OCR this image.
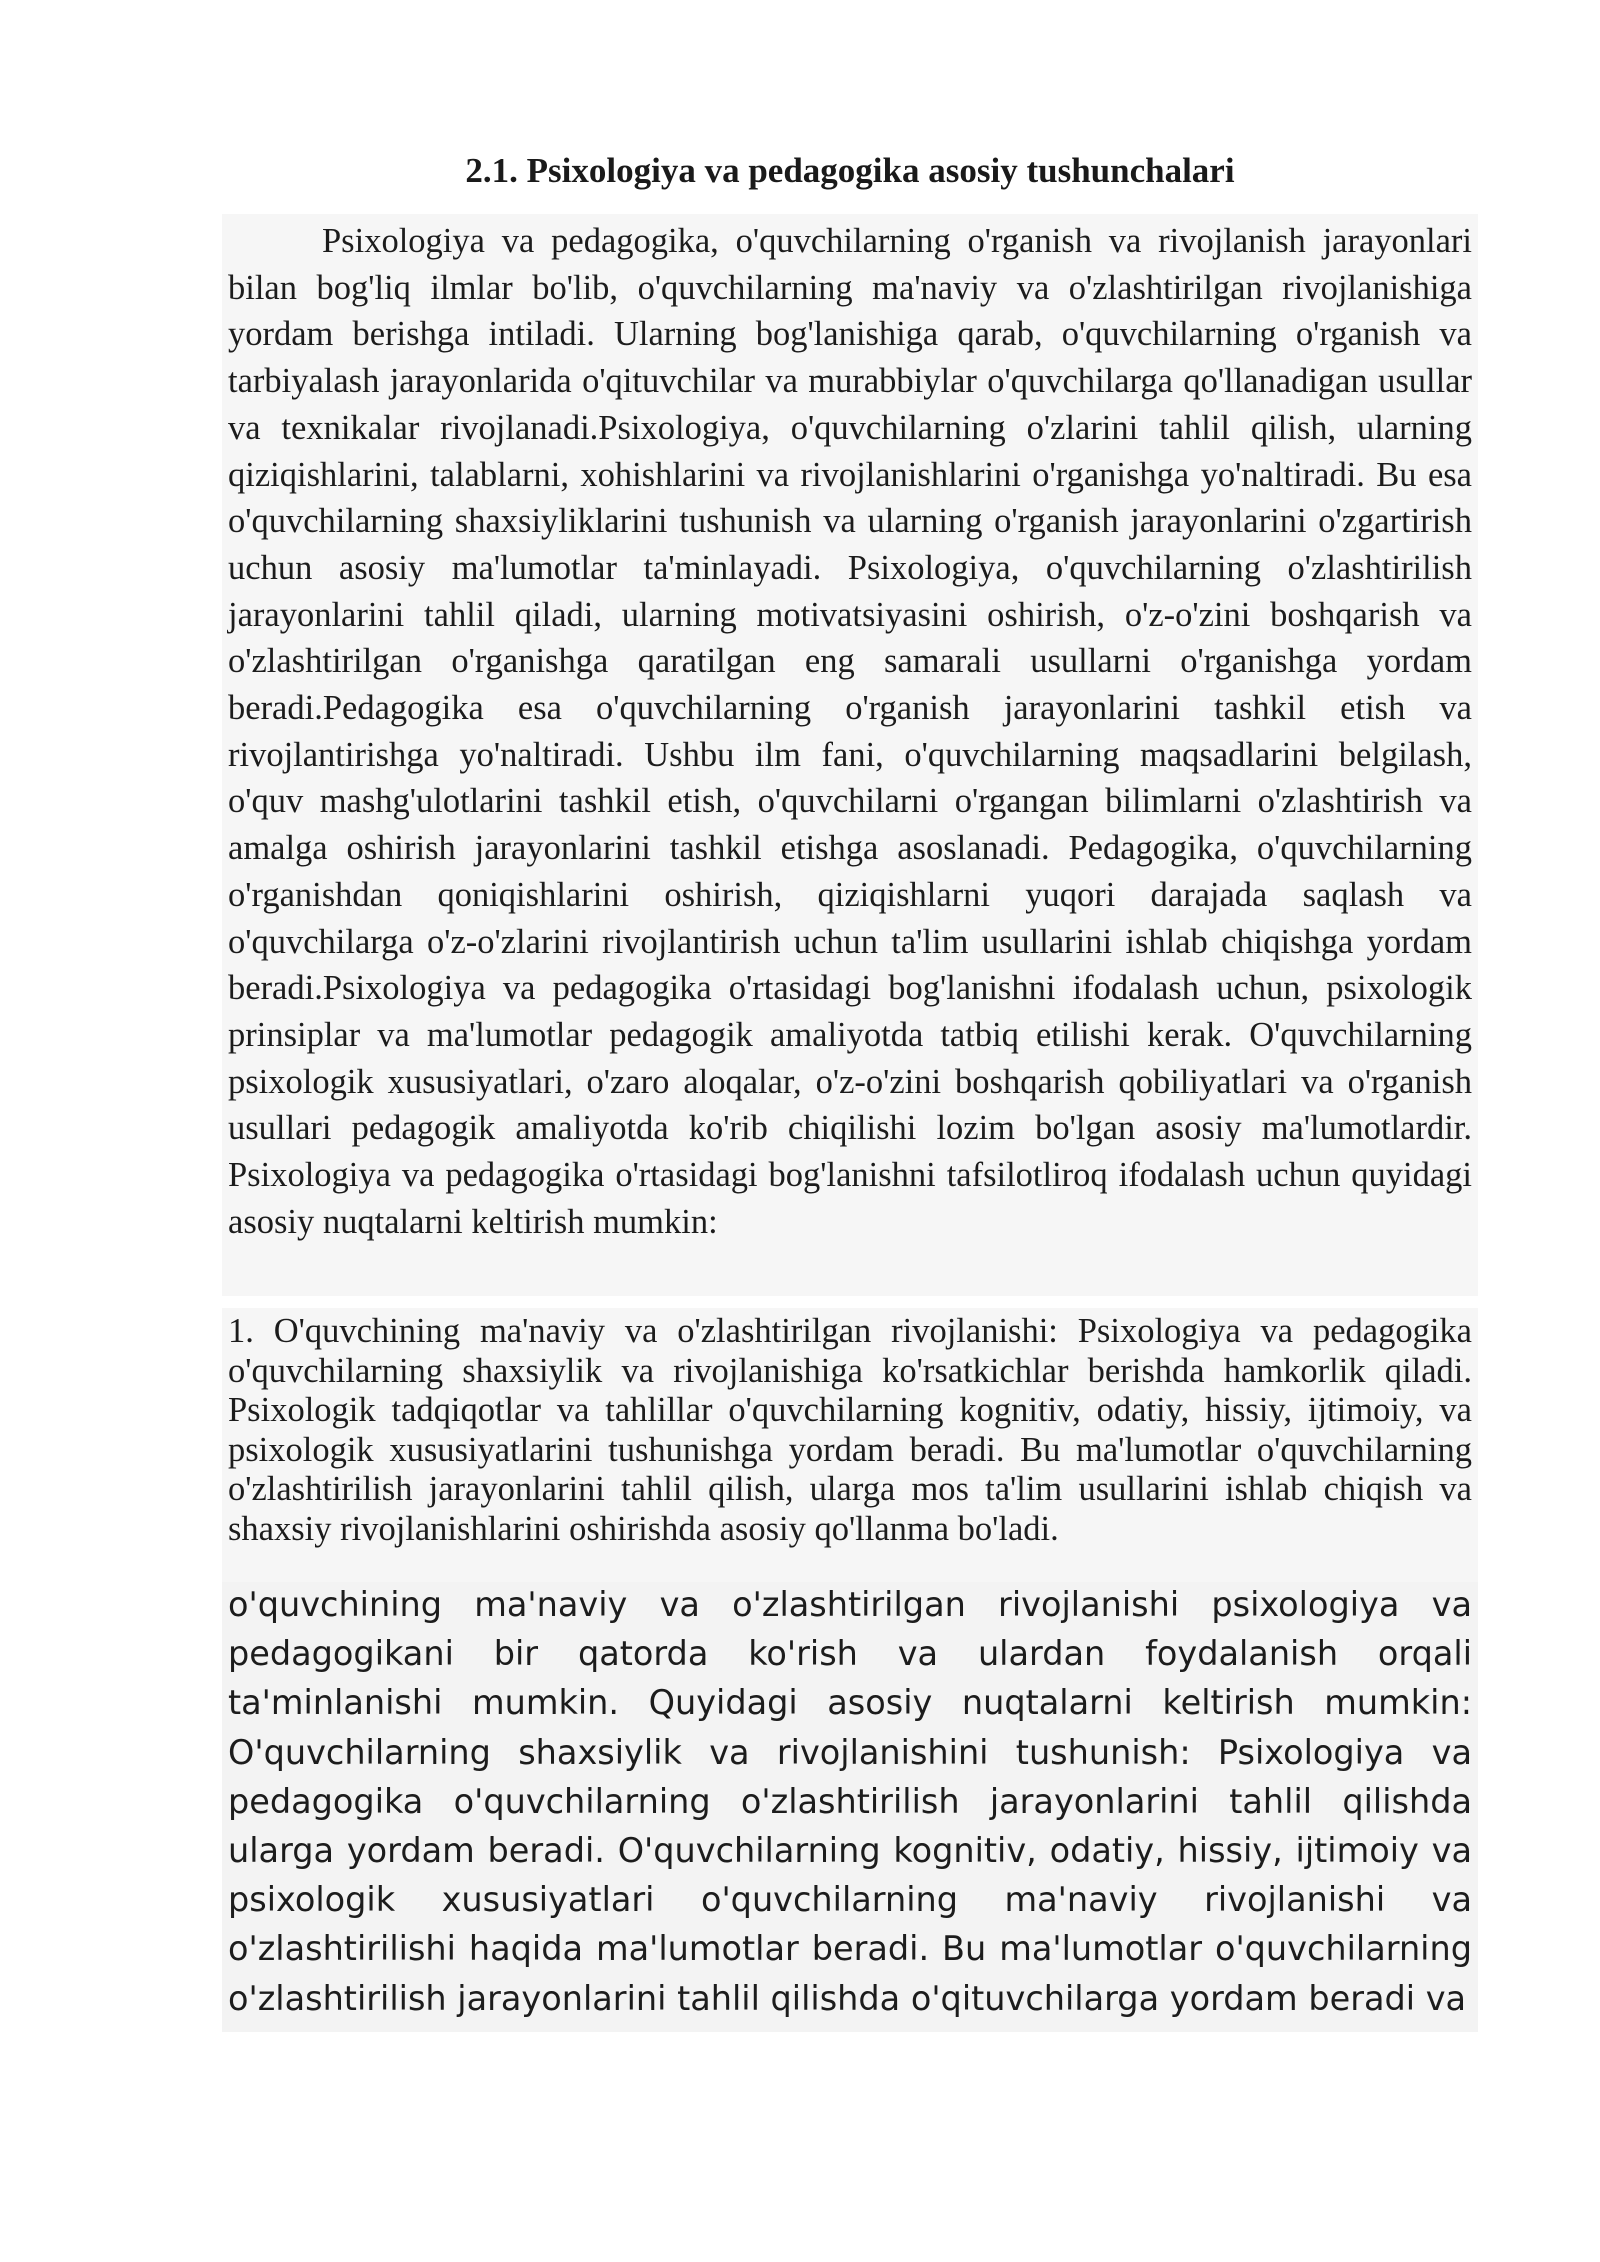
2.1. Psixologiya va pedagogika asosiy tushunchalari

Psixologiya va pedagogika, o'quvchilarning o'rganish va rivojlanish jarayonlari bilan bog'liq ilmlar bo'lib, o'quvchilarning ma'naviy va o'zlashtirilgan rivojlanishiga yordam berishga intiladi. Ularning bog'lanishiga qarab, o'quvchilarning o'rganish va tarbiyalash jarayonlarida o'qituvchilar va murabbiylar o'quvchilarga qo'llanadigan usullar va texnikalar rivojlanadi.Psixologiya, o'quvchilarning o'zlarini tahlil qilish, ularning qiziqishlarini, talablarni, xohishlarini va rivojlanishlarini o'rganishga yo'naltiradi. Bu esa o'quvchilarning shaxsiyliklarini tushunish va ularning o'rganish jarayonlarini o'zgartirish uchun asosiy ma'lumotlar ta'minlayadi. Psixologiya, o'quvchilarning o'zlashtirilish jarayonlarini tahlil qiladi, ularning motivatsiyasini oshirish, o'z-o'zini boshqarish va o'zlashtirilgan o'rganishga qaratilgan eng samarali usullarni o'rganishga yordam beradi.Pedagogika esa o'quvchilarning o'rganish jarayonlarini tashkil etish va rivojlantirishga yo'naltiradi. Ushbu ilm fani, o'quvchilarning maqsadlarini belgilash, o'quv mashg'ulotlarini tashkil etish, o'quvchilarni o'rgangan bilimlarni o'zlashtirish va amalga oshirish jarayonlarini tashkil etishga asoslanadi. Pedagogika, o'quvchilarning o'rganishdan qoniqishlarini oshirish, qiziqishlarni yuqori darajada saqlash va o'quvchilarga o'z-o'zlarini rivojlantirish uchun ta'lim usullarini ishlab chiqishga yordam beradi.Psixologiya va pedagogika o'rtasidagi bog'lanishni ifodalash uchun, psixologik prinsiplar va ma'lumotlar pedagogik amaliyotda tatbiq etilishi kerak. O'quvchilarning psixologik xususiyatlari, o'zaro aloqalar, o'z-o'zini boshqarish qobiliyatlari va o'rganish usullari pedagogik amaliyotda ko'rib chiqilishi lozim bo'lgan asosiy ma'lumotlardir. Psixologiya va pedagogika o'rtasidagi bog'lanishni tafsilotliroq ifodalash uchun quyidagi asosiy nuqtalarni keltirish mumkin:

1. O'quvchining ma'naviy va o'zlashtirilgan rivojlanishi: Psixologiya va pedagogika o'quvchilarning shaxsiylik va rivojlanishiga ko'rsatkichlar berishda hamkorlik qiladi. Psixologik tadqiqotlar va tahlillar o'quvchilarning kognitiv, odatiy, hissiy, ijtimoiy, va psixologik xususiyatlarini tushunishga yordam beradi. Bu ma'lumotlar o'quvchilarning o'zlashtirilish jarayonlarini tahlil qilish, ularga mos ta'lim usullarini ishlab chiqish va shaxsiy rivojlanishlarini oshirishda asosiy qo'llanma bo'ladi.

o'quvchining ma'naviy va o'zlashtirilgan rivojlanishi psixologiya va pedagogikani bir qatorda ko'rish va ulardan foydalanish orqali ta'minlanishi mumkin. Quyidagi asosiy nuqtalarni keltirish mumkin: O'quvchilarning shaxsiylik va rivojlanishini tushunish: Psixologiya va pedagogika o'quvchilarning o'zlashtirilish jarayonlarini tahlil qilishda ularga yordam beradi. O'quvchilarning kognitiv, odatiy, hissiy, ijtimoiy va psixologik xususiyatlari o'quvchilarning ma'naviy rivojlanishi va o'zlashtirilishi haqida ma'lumotlar beradi. Bu ma'lumotlar o'quvchilarning o'zlashtirilish jarayonlarini tahlil qilishda o'qituvchilarga yordam beradi va
